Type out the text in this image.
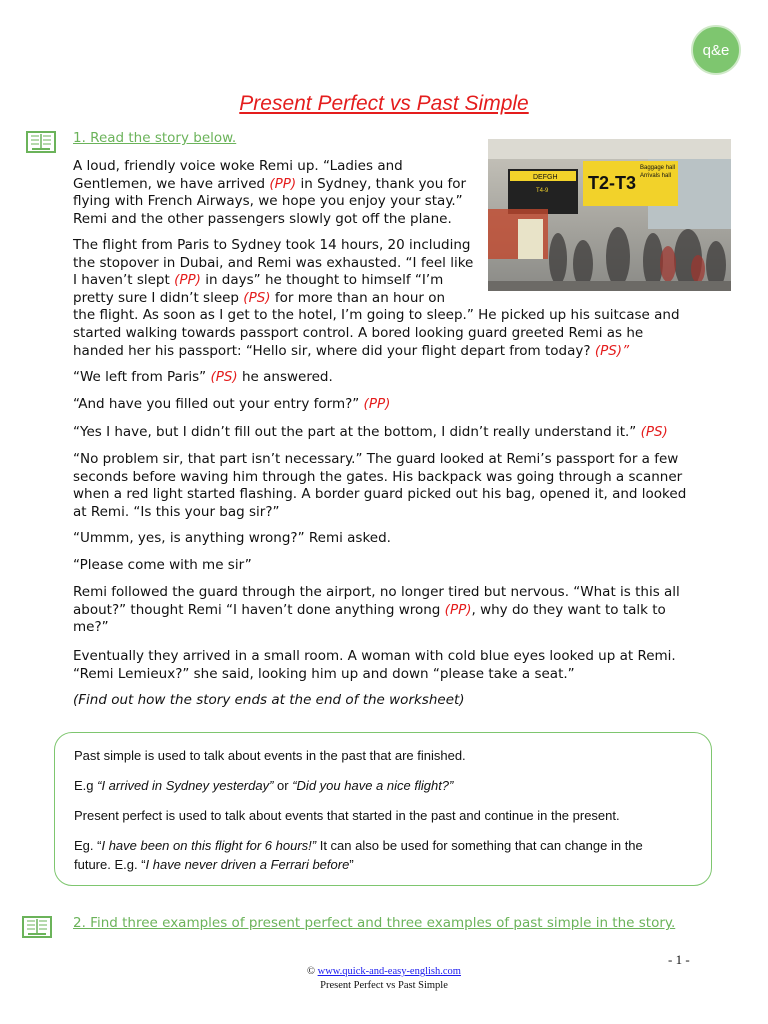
q&e
Present Perfect vs Past Simple
1. Read the story below.
DEFGH
T4-9 T2-T3
Baggage hall
Arrivals hall

A loud, friendly voice woke Remi up. “Ladies and
Gentlemen, we have arrived (PP) in Sydney, thank you for
flying with French Airways, we hope you enjoy your stay.”
Remi and the other passengers slowly got off the plane.

The flight from Paris to Sydney took 14 hours, 20 including
the stopover in Dubai, and Remi was exhausted. “I feel like
I haven’t slept (PP) in days” he thought to himself “I’m
pretty sure I didn’t sleep (PS) for more than an hour on
the flight. As soon as I get to the hotel, I’m going to sleep.” He picked up his suitcase and
started walking towards passport control. A bored looking guard greeted Remi as he
handed her his passport: “Hello sir, where did your flight depart from today? (PS)”

“We left from Paris” (PS) he answered.

“And have you filled out your entry form?” (PP)

“Yes I have, but I didn’t fill out the part at the bottom, I didn’t really understand it.” (PS)

“No problem sir, that part isn’t necessary.” The guard looked at Remi’s passport for a few
seconds before waving him through the gates. His backpack was going through a scanner
when a red light started flashing. A border guard picked out his bag, opened it, and looked
at Remi. “Is this your bag sir?”

“Ummm, yes, is anything wrong?” Remi asked.

“Please come with me sir”

Remi followed the guard through the airport, no longer tired but nervous. “What is this all
about?” thought Remi “I haven’t done anything wrong (PP), why do they want to talk to
me?”

Eventually they arrived in a small room. A woman with cold blue eyes looked up at Remi.
“Remi Lemieux?” she said, looking him up and down “please take a seat.”

(Find out how the story ends at the end of the worksheet)

Past simple is used to talk about events in the past that are finished.

E.g “I arrived in Sydney yesterday” or “Did you have a nice flight?”

Present perfect is used to talk about events that started in the past and continue in the present.

Eg. “I have been on this flight for 6 hours!” It can also be used for something that can change in the
future. E.g. “I have never driven a Ferrari before”

2. Find three examples of present perfect and three examples of past simple in the story.
- 1 -
© www.quick-and-easy-english.com
Present Perfect vs Past Simple
